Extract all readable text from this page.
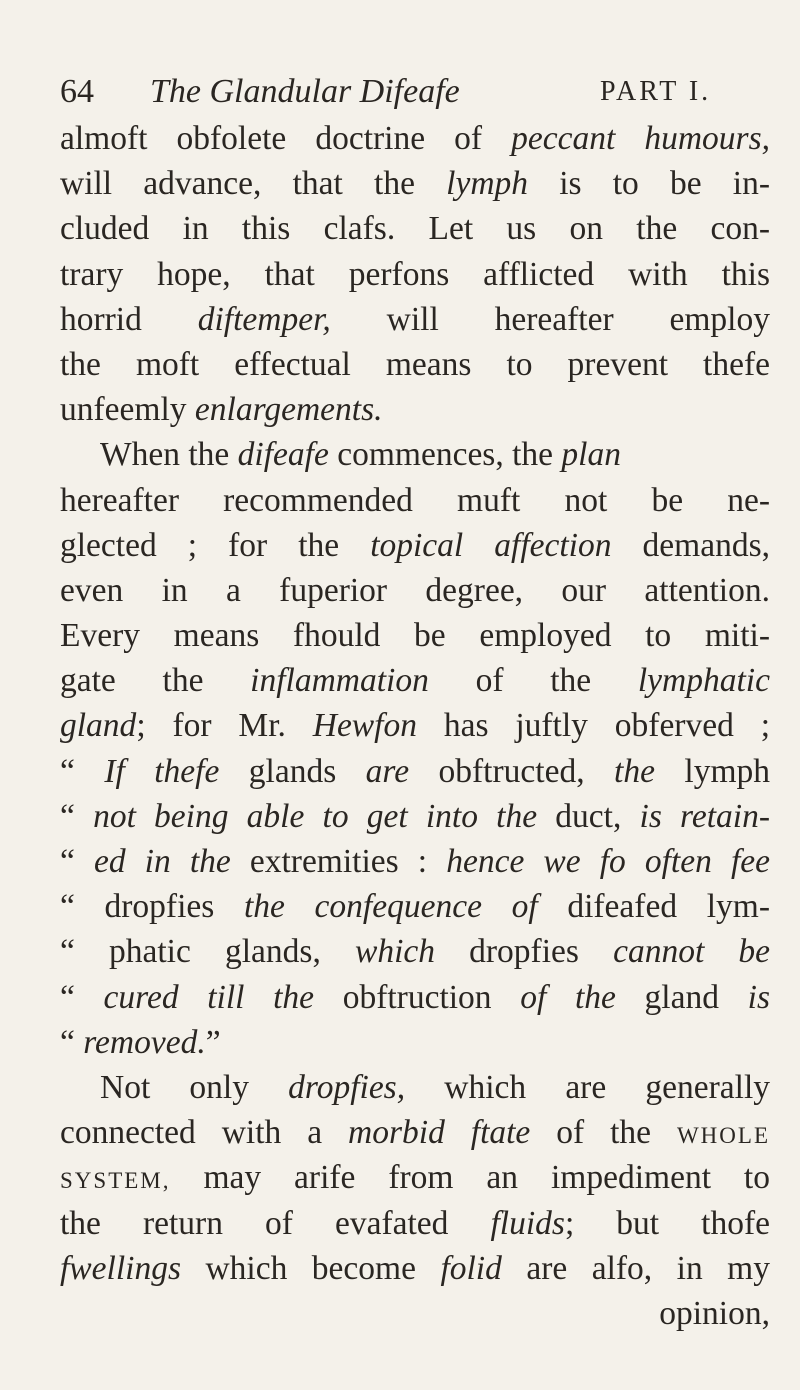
64 The Glandular Difeafe	PART I.
almoft obfolete doctrine of peccant humours,
will advance, that the lymph is to be in-
cluded in this clafs. Let us on the con-
trary hope, that perfons afflicted with this
horrid diftemper, will hereafter employ
the moft effectual means to prevent thefe
unfeemly enlargements.
When the difeafe commences, the plan
hereafter recommended muft not be ne-
glected ; for the topical affection demands,
even in a fuperior degree, our attention.
Every means fhould be employed to miti-
gate the inflammation of the lymphatic
gland; for Mr. Hewfon has juftly obferved ;
“ If thefe glands are obftructed, the lymph
“ not being able to get into the duct, is retain-
“ ed in the extremities : hence we fo often fee
“ dropfies the confequence of difeafed lym-
“ phatic glands, which dropfies cannot be
“ cured till the obftruction of the gland is
“ removed.”
Not only dropfies, which are generally
connected with a morbid ftate of the WHOLE
SYSTEM, may arife from an impediment to
the return of evafated fluids; but thofe
fwellings which become folid are alfo, in my
opinion,
